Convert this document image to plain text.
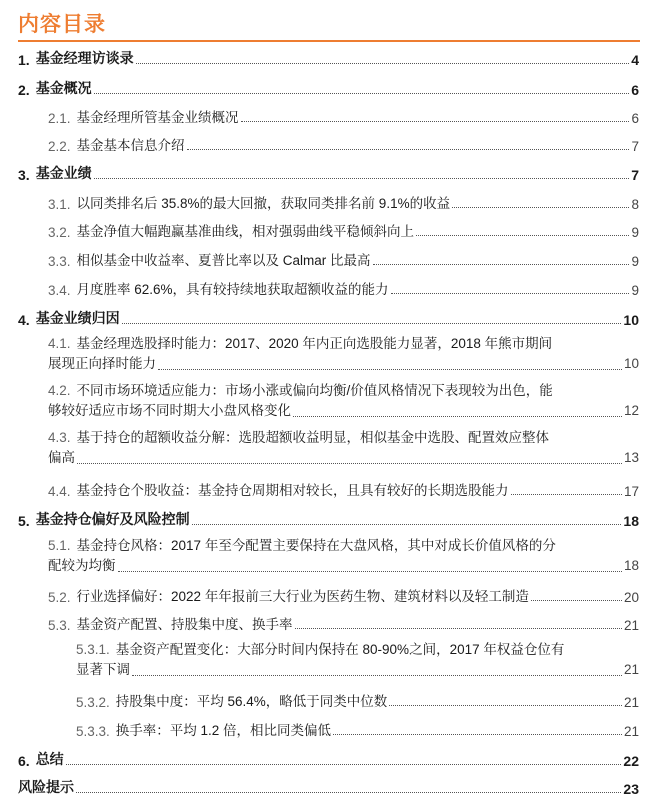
内容目录
1. 基金经理访谈录	4
2. 基金概况	6
2.1. 基金经理所管基金业绩概况	6
2.2. 基金基本信息介绍	7
3. 基金业绩	7
3.1. 以同类排名后 35.8%的最大回撤，获取同类排名前 9.1%的收益	8
3.2. 基金净值大幅跑赢基准曲线，相对强弱曲线平稳倾斜向上	9
3.3. 相似基金中收益率、夏普比率以及 Calmar 比最高	9
3.4. 月度胜率 62.6%，具有较持续地获取超额收益的能力	9
4. 基金业绩归因	10
4.1. 基金经理选股择时能力：2017、2020 年内正向选股能力显著，2018 年熊市期间
展现正向择时能力	10
4.2. 不同市场环境适应能力：市场小涨或偏向均衡/价值风格情况下表现较为出色，能
够较好适应市场不同时期大小盘风格变化	12
4.3. 基于持仓的超额收益分解：选股超额收益明显，相似基金中选股、配置效应整体
偏高	13
4.4. 基金持仓个股收益：基金持仓周期相对较长，且具有较好的长期选股能力	17
5. 基金持仓偏好及风险控制	18
5.1. 基金持仓风格：2017 年至今配置主要保持在大盘风格，其中对成长价值风格的分
配较为均衡	18
5.2. 行业选择偏好：2022 年年报前三大行业为医药生物、建筑材料以及轻工制造	20
5.3. 基金资产配置、持股集中度、换手率	21
5.3.1. 基金资产配置变化：大部分时间内保持在 80-90%之间，2017 年权益仓位有
显著下调	21
5.3.2. 持股集中度：平均 56.4%，略低于同类中位数	21
5.3.3. 换手率：平均 1.2 倍，相比同类偏低	21
6. 总结	22
风险提示	23
